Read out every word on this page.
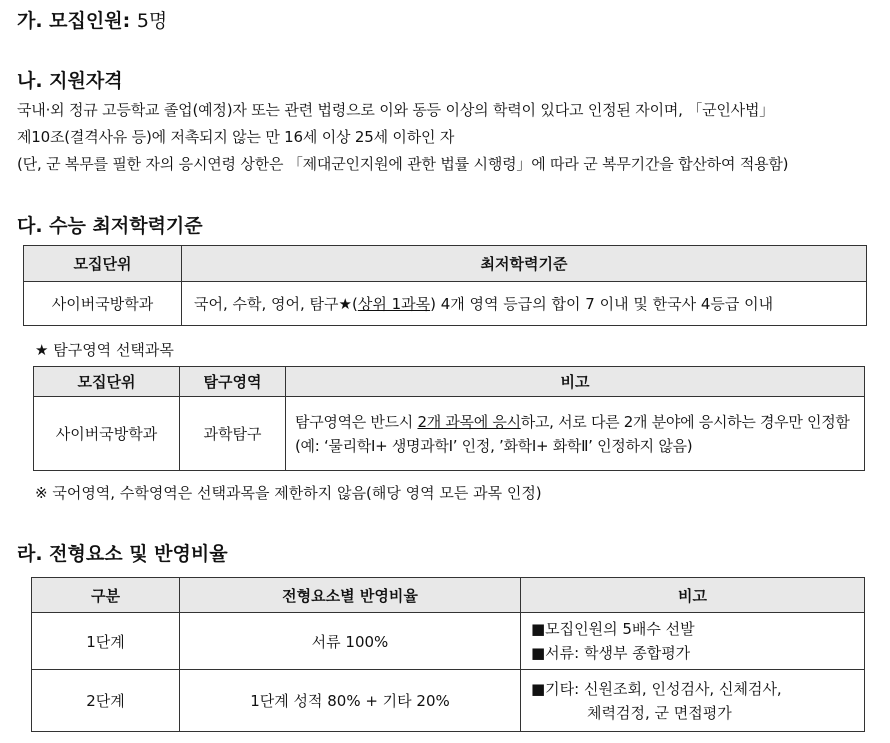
가. 모집인원: 5명
나. 지원자격
국내·외 정규 고등학교 졸업(예정)자 또는 관련 법령으로 이와 동등 이상의 학력이 있다고 인정된 자이며, 「군인사법」
제10조(결격사유 등)에 저촉되지 않는 만 16세 이상 25세 이하인 자
(단, 군 복무를 필한 자의 응시연령 상한은 「제대군인지원에 관한 법률 시행령」에 따라 군 복무기간을 합산하여 적용함)
다. 수능 최저학력기준
모집단위	최저학력기준
사이버국방학과	국어, 수학, 영어, 탐구★(상위 1과목) 4개 영역 등급의 합이 7 이내 및 한국사 4등급 이내
★ 탐구영역 선택과목
모집단위	탐구영역	비고
사이버국방학과	과학탐구	탐구영역은 반드시 2개 과목에 응시하고, 서로 다른 2개 분야에 응시하는 경우만 인정함
(예: ‘물리학Ⅰ+ 생명과학Ⅰ’ 인정, ’화학Ⅰ+ 화학Ⅱ’ 인정하지 않음)
※ 국어영역, 수학영역은 선택과목을 제한하지 않음(해당 영역 모든 과목 인정)
라. 전형요소 및 반영비율
구분	전형요소별 반영비율	비고
1단계	서류 100%	■모집인원의 5배수 선발
■서류: 학생부 종합평가

2단계	1단계 성적 80% + 기타 20%	■기타: 신원조회, 인성검사, 신체검사,
체력검정, 군 면접평가
